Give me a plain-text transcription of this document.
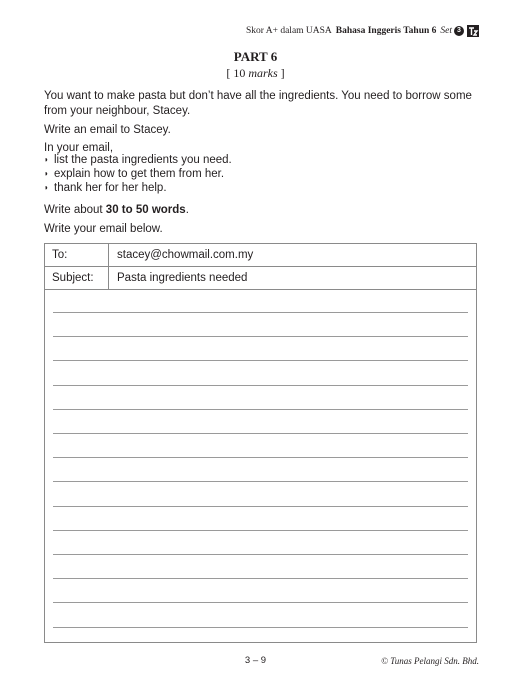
Skor A+ dalam UASA Bahasa Inggeris Tahun 6 Set 3
PART 6
[ 10 marks ]
You want to make pasta but don’t have all the ingredients. You need to borrow some from your neighbour, Stacey.
Write an email to Stacey.
In your email,
◗ list the pasta ingredients you need.
◗ explain how to get them from her.
◗ thank her for her help.
Write about 30 to 50 words.
Write your email below.
To:	stacey@chowmail.com.my
Subject:	Pasta ingredients needed
3 – 9	© Tunas Pelangi Sdn. Bhd.
